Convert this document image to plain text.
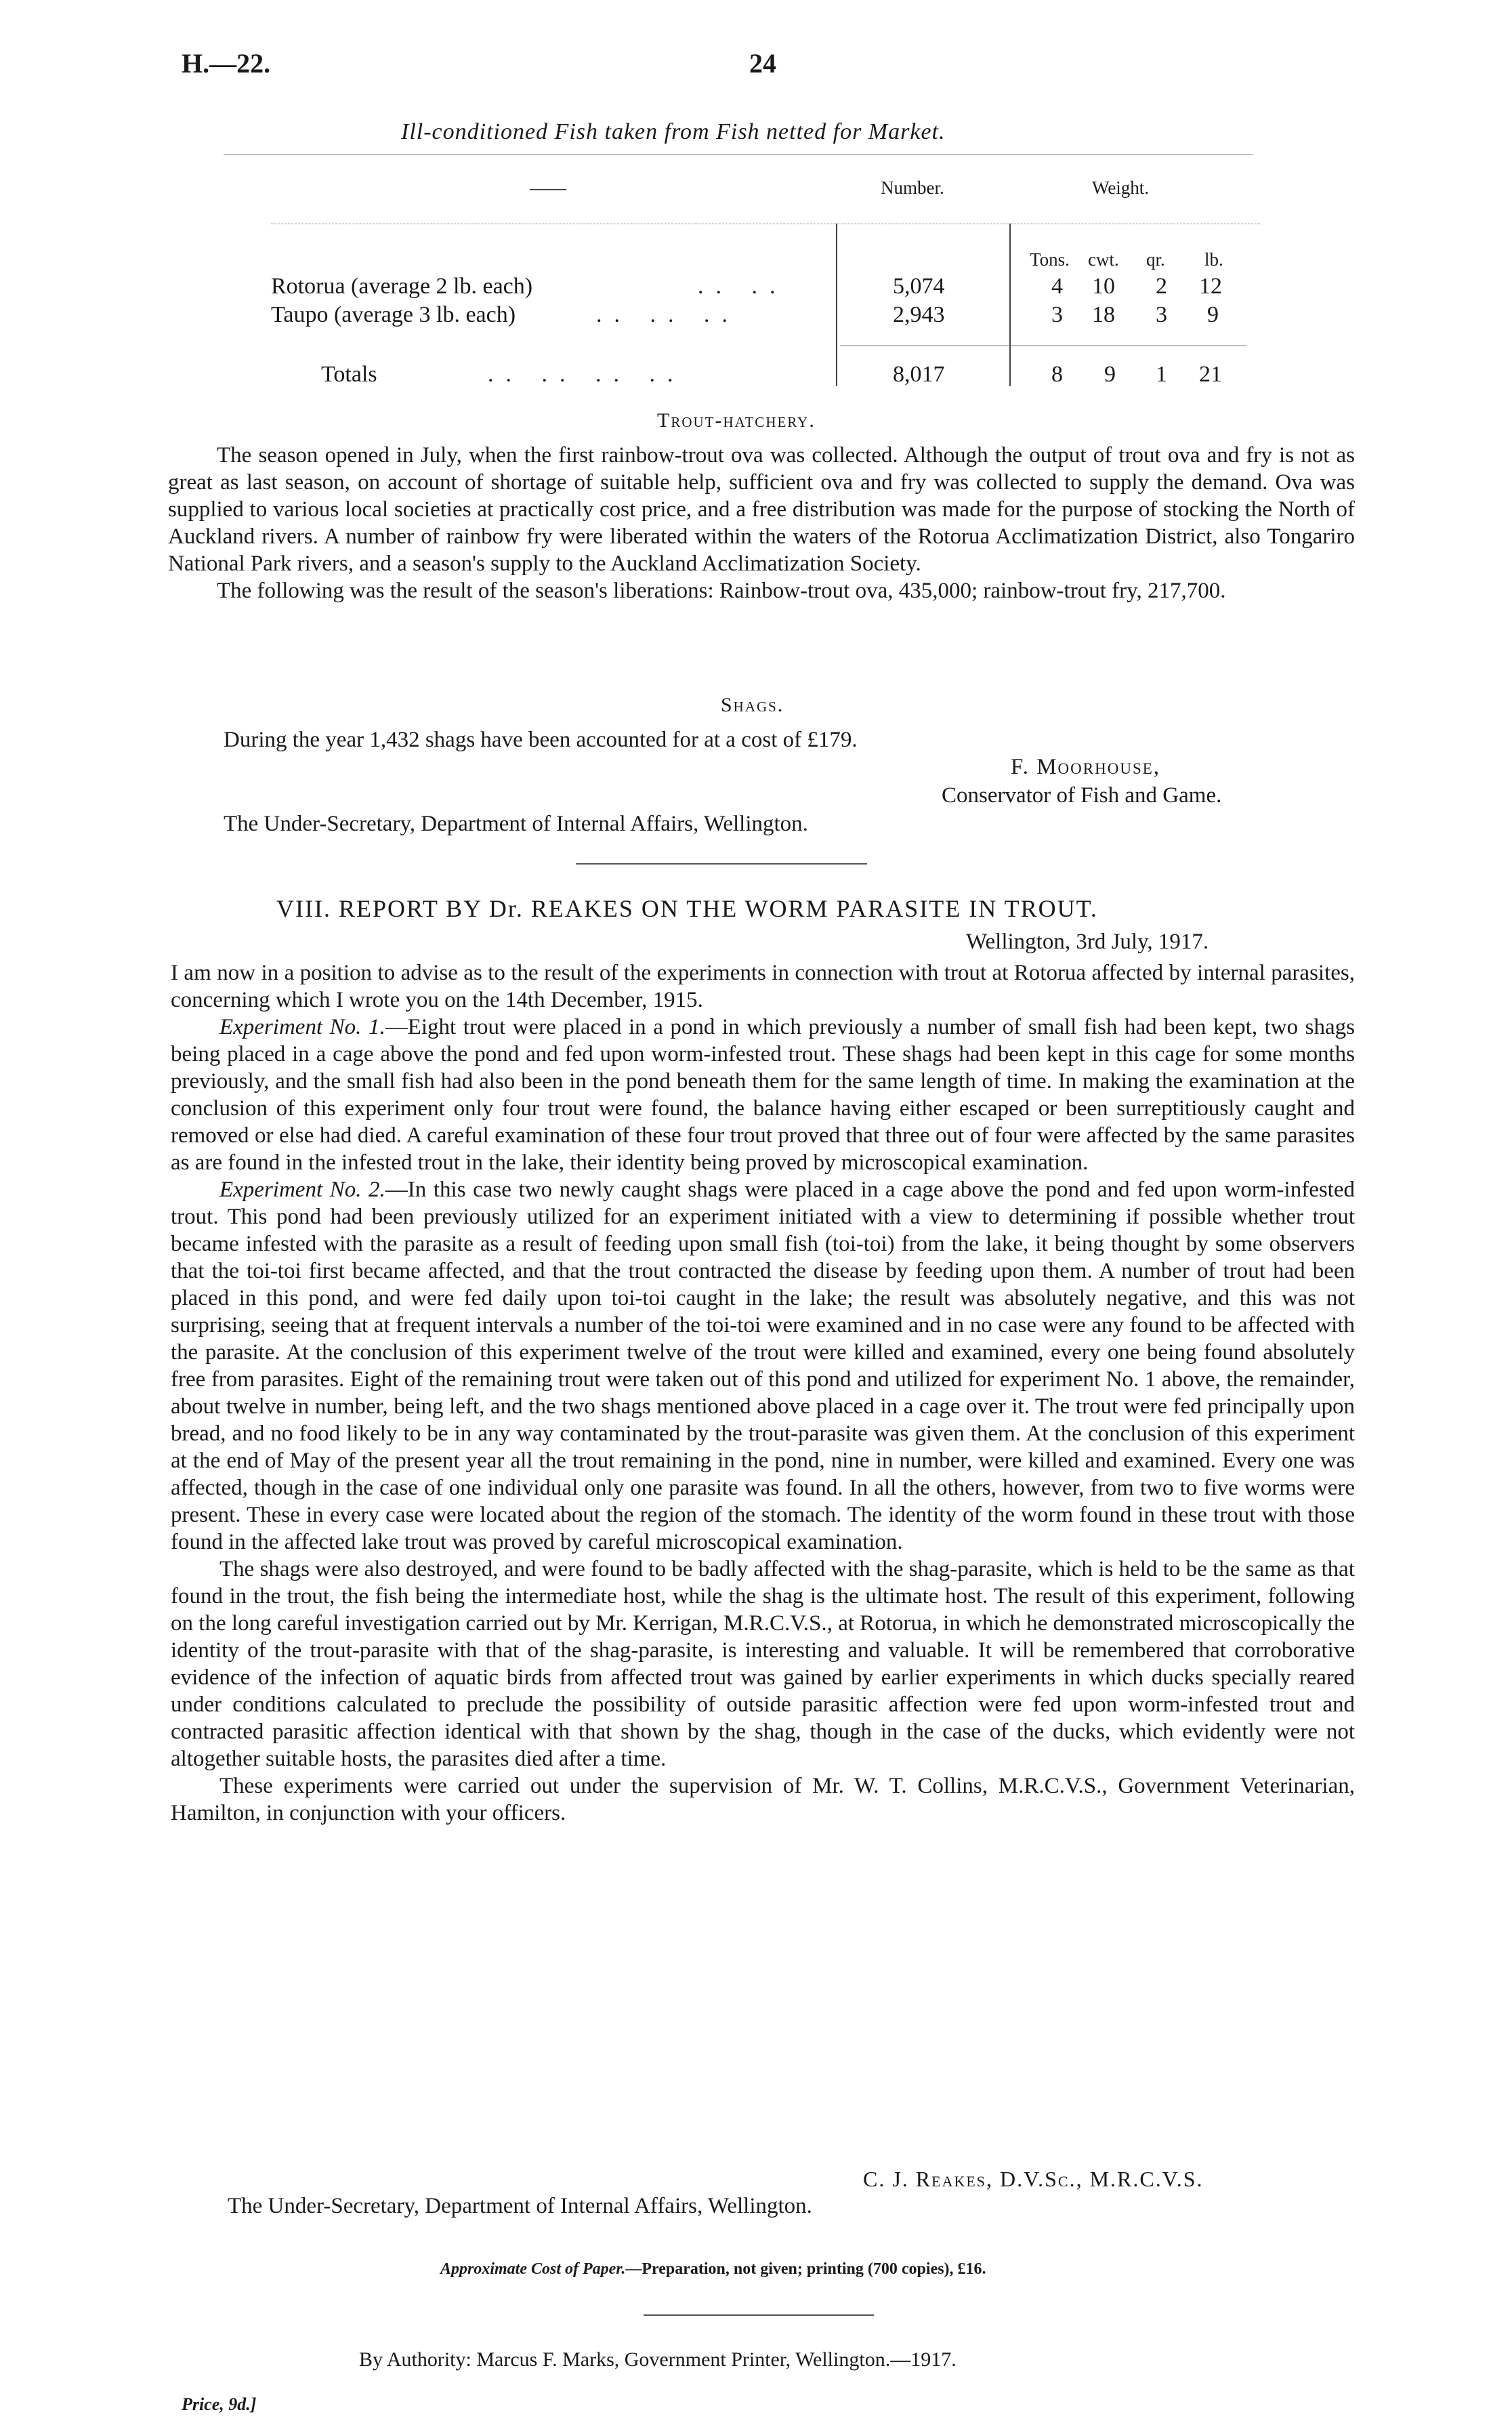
H.—22.	24
Ill-conditioned Fish taken from Fish netted for Market.
——	Number.	Weight.
Tons. cwt. qr. lb.
Rotorua (average 2 lb. each)	.. ..	5,074	4 10 2 12
Taupo (average 3 lb. each)	.. .. ..	2,943	3 18 3 9
Totals	.. .. .. ..	8,017	8 9 1 21
Trout-hatchery.

The season opened in July, when the first rainbow-trout ova was collected. Although the output of trout ova and fry is not as great as last season, on account of shortage of suitable help, sufficient ova and fry was collected to supply the demand. Ova was supplied to various local societies at practically cost price, and a free distribution was made for the purpose of stocking the North of Auckland rivers. A number of rainbow fry were liberated within the waters of the Rotorua Acclimatization District, also Tongariro National Park rivers, and a season's supply to the Auckland Acclimatization Society.

The following was the result of the season's liberations: Rainbow-trout ova, 435,000; rainbow-trout fry, 217,700.

Shags.
During the year 1,432 shags have been accounted for at a cost of £179.
F. Moorhouse,
Conservator of Fish and Game.
The Under-Secretary, Department of Internal Affairs, Wellington.
VIII. REPORT BY Dr. REAKES ON THE WORM PARASITE IN TROUT.
Wellington, 3rd July, 1917.

I am now in a position to advise as to the result of the experiments in connection with trout at Rotorua affected by internal parasites, concerning which I wrote you on the 14th December, 1915.

Experiment No. 1.—Eight trout were placed in a pond in which previously a number of small fish had been kept, two shags being placed in a cage above the pond and fed upon worm-infested trout. These shags had been kept in this cage for some months previously, and the small fish had also been in the pond beneath them for the same length of time. In making the examination at the conclusion of this experiment only four trout were found, the balance having either escaped or been surreptitiously caught and removed or else had died. A careful examination of these four trout proved that three out of four were affected by the same parasites as are found in the infested trout in the lake, their identity being proved by microscopical examination.

Experiment No. 2.—In this case two newly caught shags were placed in a cage above the pond and fed upon worm-infested trout. This pond had been previously utilized for an experiment initiated with a view to determining if possible whether trout became infested with the parasite as a result of feeding upon small fish (toi-toi) from the lake, it being thought by some observers that the toi-toi first became affected, and that the trout contracted the disease by feeding upon them. A number of trout had been placed in this pond, and were fed daily upon toi-toi caught in the lake; the result was absolutely negative, and this was not surprising, seeing that at frequent intervals a number of the toi-toi were examined and in no case were any found to be affected with the parasite. At the conclusion of this experiment twelve of the trout were killed and examined, every one being found absolutely free from parasites. Eight of the remaining trout were taken out of this pond and utilized for experiment No. 1 above, the remainder, about twelve in number, being left, and the two shags mentioned above placed in a cage over it. The trout were fed principally upon bread, and no food likely to be in any way contaminated by the trout-parasite was given them. At the conclusion of this experiment at the end of May of the present year all the trout remaining in the pond, nine in number, were killed and examined. Every one was affected, though in the case of one individual only one parasite was found. In all the others, however, from two to five worms were present. These in every case were located about the region of the stomach. The identity of the worm found in these trout with those found in the affected lake trout was proved by careful microscopical examination.

The shags were also destroyed, and were found to be badly affected with the shag-parasite, which is held to be the same as that found in the trout, the fish being the intermediate host, while the shag is the ultimate host. The result of this experiment, following on the long careful investigation carried out by Mr. Kerrigan, M.R.C.V.S., at Rotorua, in which he demonstrated microscopically the identity of the trout-parasite with that of the shag-parasite, is interesting and valuable. It will be remembered that corroborative evidence of the infection of aquatic birds from affected trout was gained by earlier experiments in which ducks specially reared under conditions calculated to preclude the possibility of outside parasitic affection were fed upon worm-infested trout and contracted parasitic affection identical with that shown by the shag, though in the case of the ducks, which evidently were not altogether suitable hosts, the parasites died after a time.

These experiments were carried out under the supervision of Mr. W. T. Collins, M.R.C.V.S., Government Veterinarian, Hamilton, in conjunction with your officers.

C. J. Reakes, D.V.Sc., M.R.C.V.S.
The Under-Secretary, Department of Internal Affairs, Wellington.
Approximate Cost of Paper.—Preparation, not given; printing (700 copies), £16.
By Authority: Marcus F. Marks, Government Printer, Wellington.—1917.
Price, 9d.]
